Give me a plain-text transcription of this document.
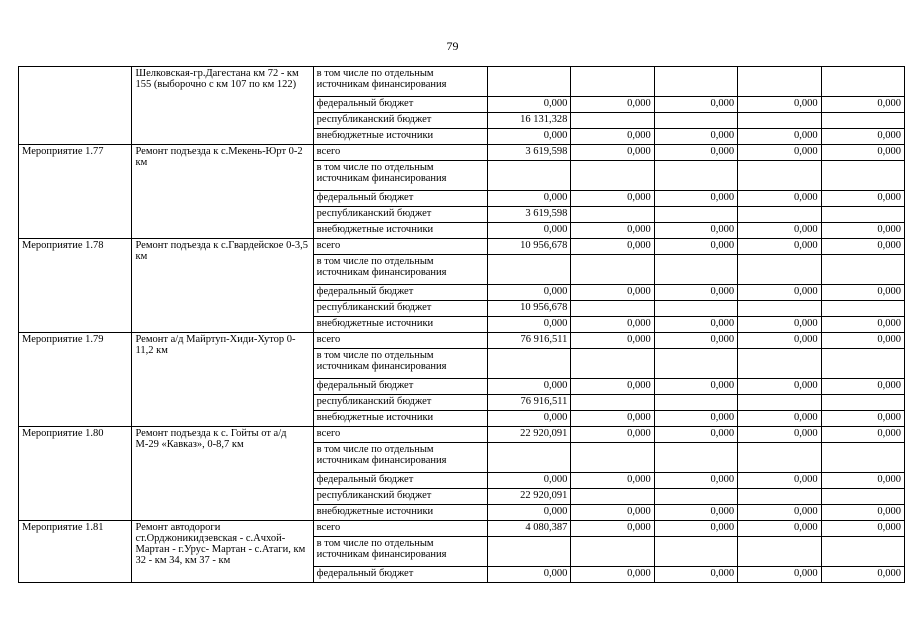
79
	Шелковская-гр.Дагестана км 72 - км 155 (выборочно с км 107 по км 122)	в том числе по отдельным источникам финансирования					
		федеральный бюджет	0,000	0,000	0,000	0,000	0,000
		республиканский бюджет	16 131,328				
		внебюджетные источники	0,000	0,000	0,000	0,000	0,000
Мероприятие 1.77	Ремонт подъезда к с.Мекень-Юрт 0-2 км	всего	3 619,598	0,000	0,000	0,000	0,000
		в том числе по отдельным источникам финансирования					
		федеральный бюджет	0,000	0,000	0,000	0,000	0,000
		республиканский бюджет	3 619,598				
		внебюджетные источники	0,000	0,000	0,000	0,000	0,000
Мероприятие 1.78	Ремонт подъезда к с.Гвардейское 0-3,5 км	всего	10 956,678	0,000	0,000	0,000	0,000
		в том числе по отдельным источникам финансирования					
		федеральный бюджет	0,000	0,000	0,000	0,000	0,000
		республиканский бюджет	10 956,678				
		внебюджетные источники	0,000	0,000	0,000	0,000	0,000
Мероприятие 1.79	Ремонт а/д Майртуп-Хиди-Хутор 0-11,2 км	всего	76 916,511	0,000	0,000	0,000	0,000
		в том числе по отдельным источникам финансирования					
		федеральный бюджет	0,000	0,000	0,000	0,000	0,000
		республиканский бюджет	76 916,511				
		внебюджетные источники	0,000	0,000	0,000	0,000	0,000
Мероприятие 1.80	Ремонт подъезда к с. Гойты от а/д М-29 «Кавказ», 0-8,7 км	всего	22 920,091	0,000	0,000	0,000	0,000
		в том числе по отдельным источникам финансирования					
		федеральный бюджет	0,000	0,000	0,000	0,000	0,000
		республиканский бюджет	22 920,091				
		внебюджетные источники	0,000	0,000	0,000	0,000	0,000
Мероприятие 1.81	Ремонт автодороги ст.Орджоникидзевская - с.Ачхой-Мартан - г.Урус- Мартан - с.Атаги, км 32 - км 34, км 37 - км	всего	4 080,387	0,000	0,000	0,000	0,000
		в том числе по отдельным источникам финансирования					
		федеральный бюджет	0,000	0,000	0,000	0,000	0,000
